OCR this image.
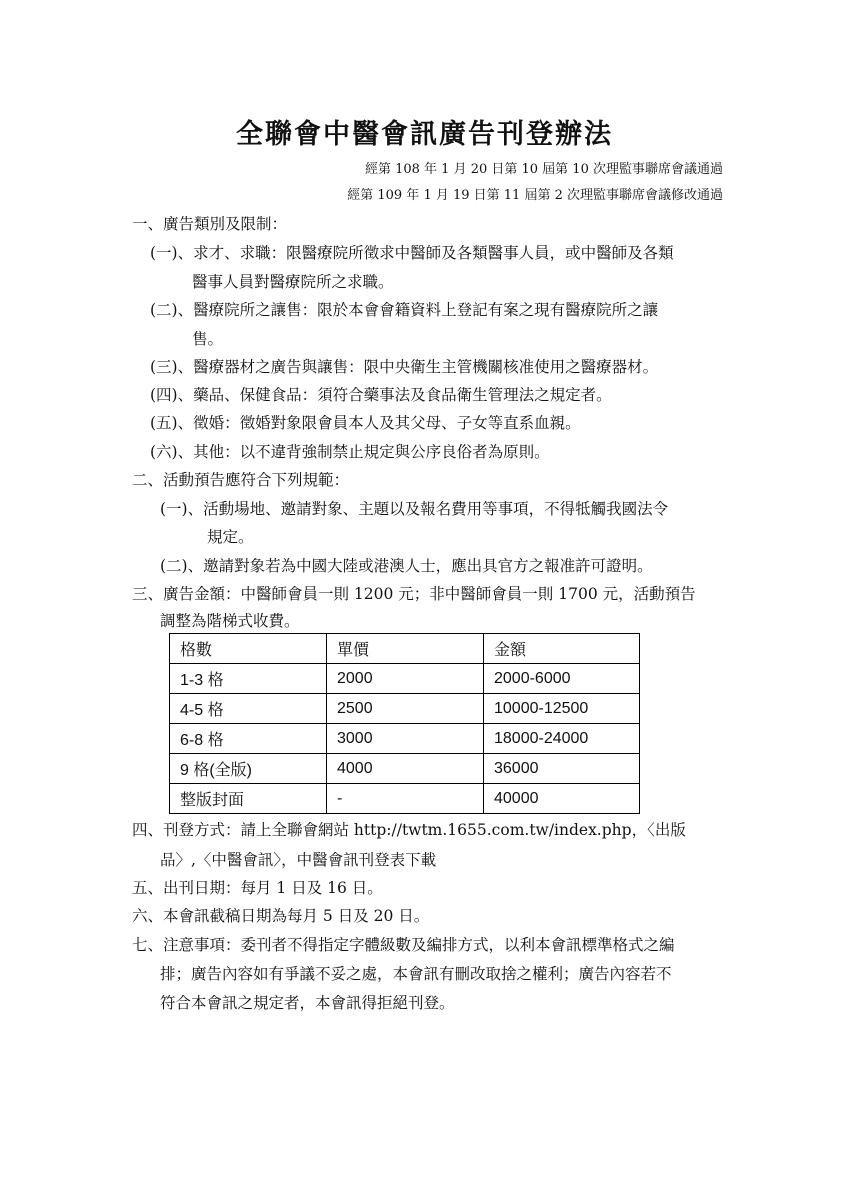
全聯會中醫會訊廣告刊登辦法
經第 108 年 1 月 20 日第 10 屆第 10 次理監事聯席會議通過
經第 109 年 1 月 19 日第 11 屆第 2 次理監事聯席會議修改通過
一、廣告類別及限制：
(一)、求才、求職：限醫療院所徵求中醫師及各類醫事人員，或中醫師及各類
醫事人員對醫療院所之求職。
(二)、醫療院所之讓售：限於本會會籍資料上登記有案之現有醫療院所之讓
售。
(三)、醫療器材之廣告與讓售：限中央衛生主管機關核准使用之醫療器材。
(四)、藥品、保健食品：須符合藥事法及食品衛生管理法之規定者。
(五)、徵婚：徵婚對象限會員本人及其父母、子女等直系血親。
(六)、其他：以不違背強制禁止規定與公序良俗者為原則。
二、活動預告應符合下列規範：
(一)、活動場地、邀請對象、主題以及報名費用等事項，不得牴觸我國法令
規定。
(二)、邀請對象若為中國大陸或港澳人士，應出具官方之報准許可證明。
三、廣告金額：中醫師會員一則 1200 元；非中醫師會員一則 1700 元，活動預告
調整為階梯式收費。
格數	單價	金額
1-3 格	2000	2000-6000
4-5 格	2500	10000-12500
6-8 格	3000	18000-24000
9 格(全版)	4000	36000
整版封面	-	40000
四、刊登方式：請上全聯會網站 http://twtm.1655.com.tw/index.php，〈出版
品〉,〈中醫會訊〉，中醫會訊刊登表下載
五、出刊日期：每月 1 日及 16 日。
六、本會訊截稿日期為每月 5 日及 20 日。
七、注意事項：委刊者不得指定字體級數及編排方式，以利本會訊標準格式之編
排；廣告內容如有爭議不妥之處，本會訊有刪改取捨之權利；廣告內容若不
符合本會訊之規定者，本會訊得拒絕刊登。
